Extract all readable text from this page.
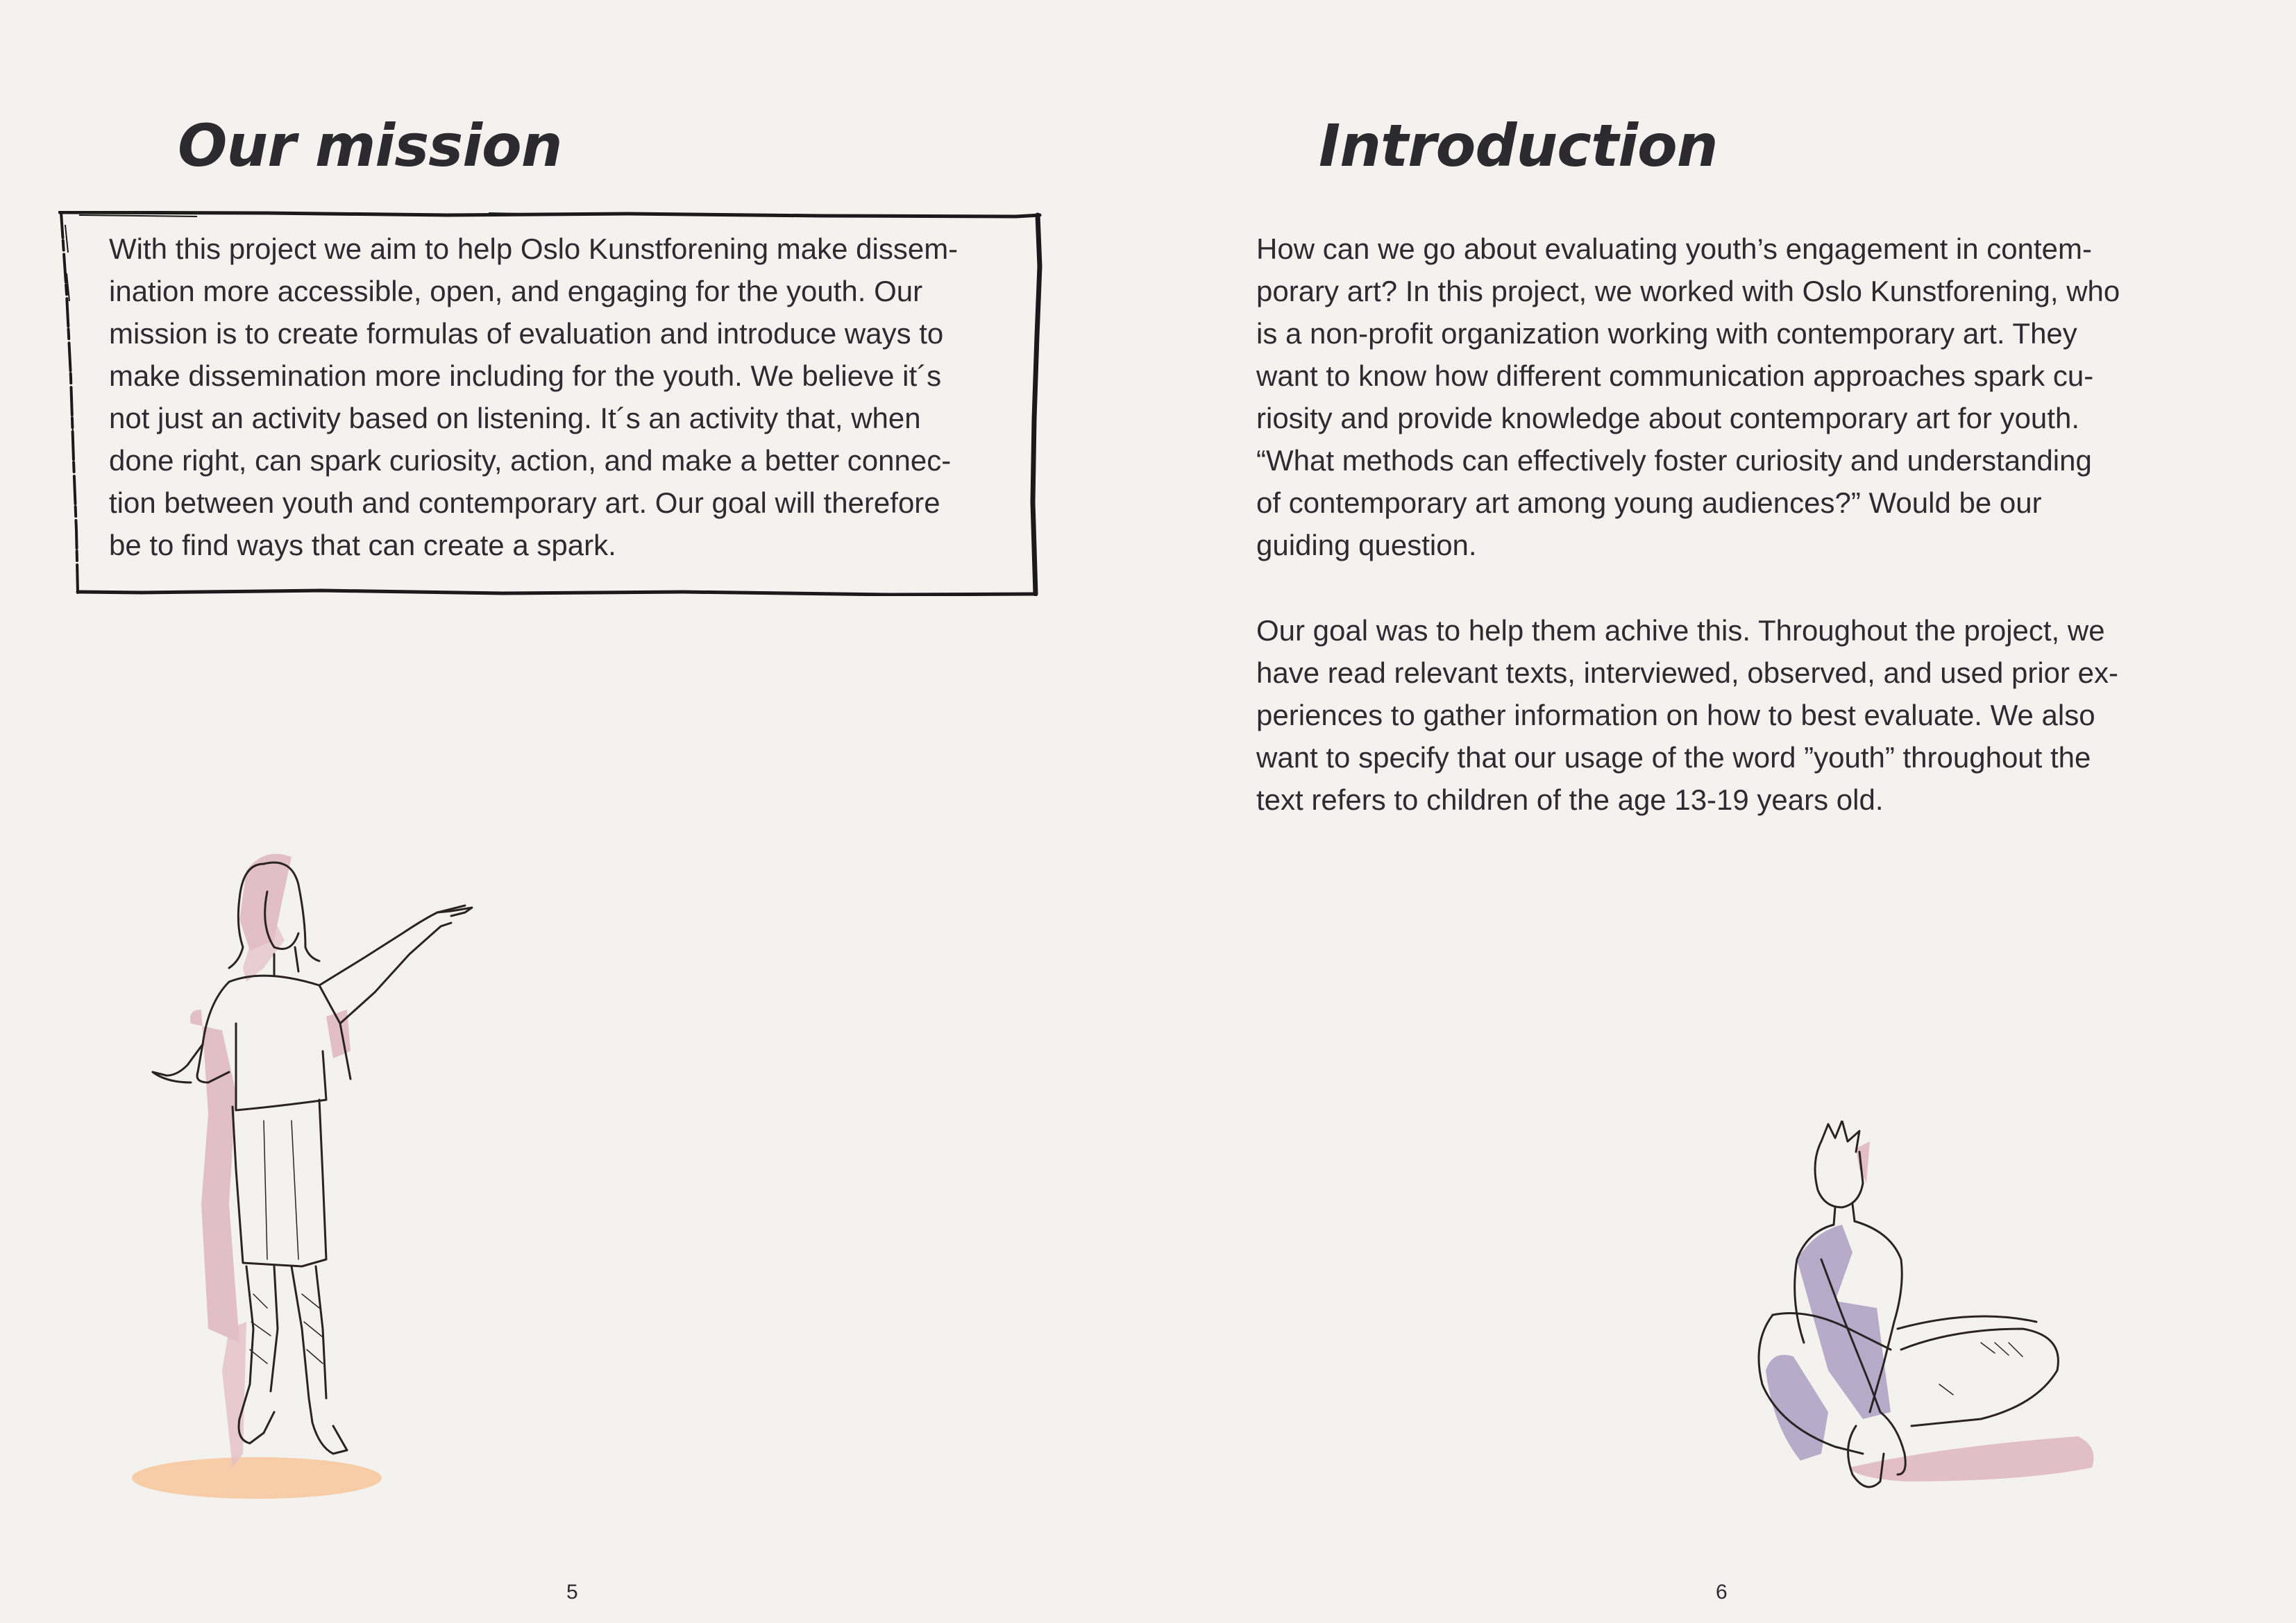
Our mission

With this project we aim to help Oslo Kunstforening make dissem-
ination more accessible, open, and engaging for the youth. Our
mission is to create formulas of evaluation and introduce ways to
make dissemination more including for the youth. We believe it´s
not just an activity based on listening. It´s an activity that, when
done right, can spark curiosity, action, and make a better connec-
tion between youth and contemporary art. Our goal will therefore
be to find ways that can create a spark.

5
Introduction

How can we go about evaluating youth’s engagement in contem-
porary art? In this project, we worked with Oslo Kunstforening, who
is a non-profit organization working with contemporary art. They
want to know how different communication approaches spark cu-
riosity and provide knowledge about contemporary art for youth.
“What methods can effectively foster curiosity and understanding
of contemporary art among young audiences?” Would be our
guiding question.

Our goal was to help them achive this. Throughout the project, we
have read relevant texts, interviewed, observed, and used prior ex-
periences to gather information on how to best evaluate. We also
want to specify that our usage of the word ”youth” throughout the
text refers to children of the age 13-19 years old.

6
